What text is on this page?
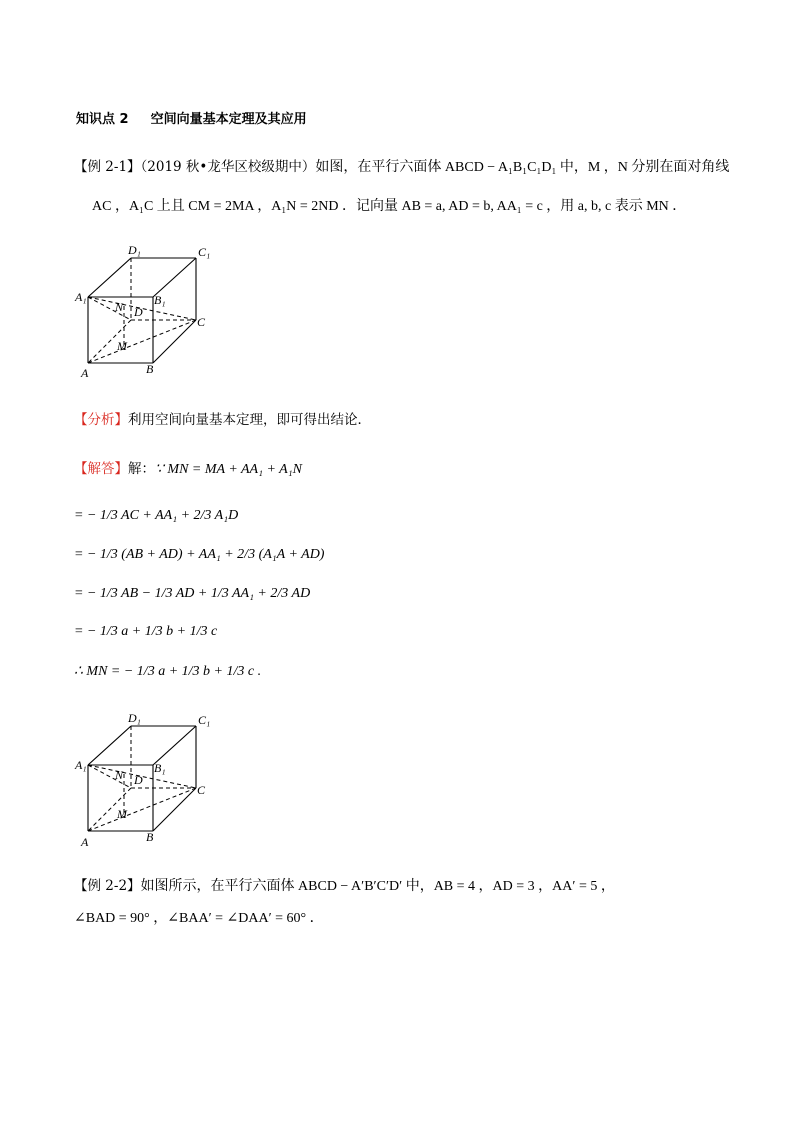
知识点 2 空间向量基本定理及其应用
【例 2-1】（2019 秋•龙华区校级期中）如图，在平行六面体 ABCD − A₁B₁C₁D₁ 中，M ，N 分别在面对角线
AC ，A₁C 上且 CM = 2MA ，A₁N = 2ND ．记向量 AB = a, AD = b, AA₁ = c ，用 a, b, c 表示 MN ．
D₁	C₁
A₁	B₁
N D
C
M
A	B
【分析】利用空间向量基本定理，即可得出结论．
【解答】解：∵ MN = MA + AA₁ + A₁N
= − 1/3 AC + AA₁ + 2/3 A₁D
= − 1/3 (AB + AD) + AA₁ + 2/3 (A₁A + AD)
= − 1/3 AB − 1/3 AD + 1/3 AA₁ + 2/3 AD
= − 1/3 a + 1/3 b + 1/3 c
∴ MN = − 1/3 a + 1/3 b + 1/3 c .
D₁	C₁
A₁	B₁
N D
C
M
A	B
【例 2-2】如图所示，在平行六面体 ABCD − A′B′C′D′ 中，AB = 4 ，AD = 3 ，AA′ = 5 ，
∠BAD = 90° ，∠BAA′ = ∠DAA′ = 60° ．
